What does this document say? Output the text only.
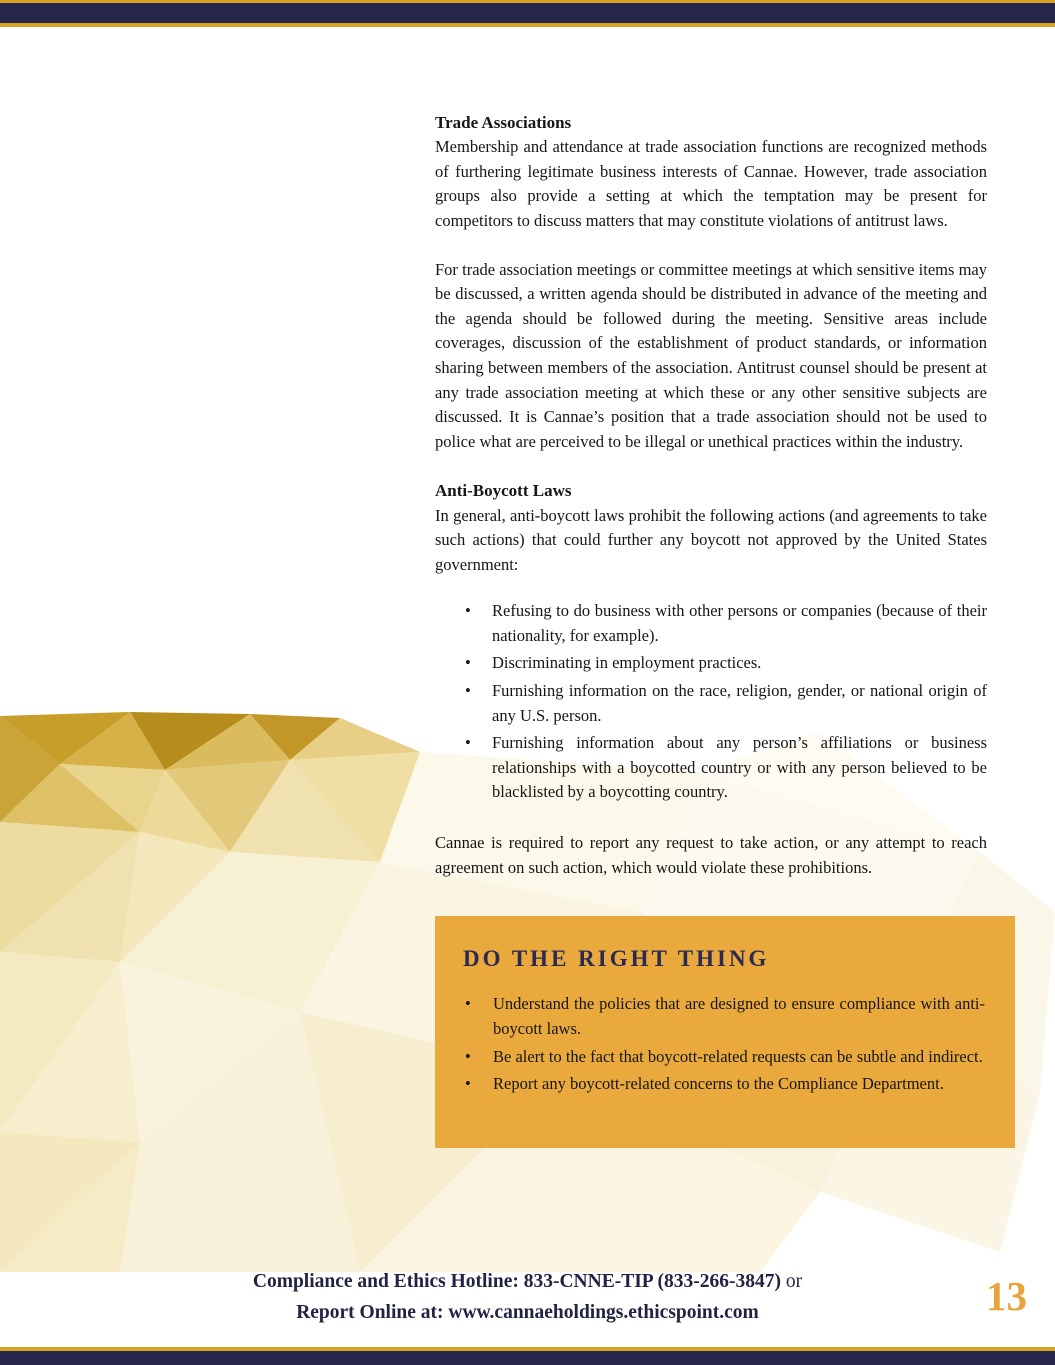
Trade Associations

Membership and attendance at trade association functions are recognized methods of furthering legitimate business interests of Cannae. However, trade association groups also provide a setting at which the temptation may be present for competitors to discuss matters that may constitute violations of antitrust laws.

For trade association meetings or committee meetings at which sensitive items may be discussed, a written agenda should be distributed in advance of the meeting and the agenda should be followed during the meeting. Sensitive areas include coverages, discussion of the establishment of product standards, or information sharing between members of the association. Antitrust counsel should be present at any trade association meeting at which these or any other sensitive subjects are discussed. It is Cannae’s position that a trade association should not be used to police what are perceived to be illegal or unethical practices within the industry.

Anti-Boycott Laws

In general, anti-boycott laws prohibit the following actions (and agreements to take such actions) that could further any boycott not approved by the United States government:

• Refusing to do business with other persons or companies (because of their nationality, for example).
• Discriminating in employment practices.
• Furnishing information on the race, religion, gender, or national origin of any U.S. person.
• Furnishing information about any person’s affiliations or business relationships with a boycotted country or with any person believed to be blacklisted by a boycotting country.

Cannae is required to report any request to take action, or any attempt to reach agreement on such action, which would violate these prohibitions.

DO THE RIGHT THING
• Understand the policies that are designed to ensure compliance with anti-boycott laws.
• Be alert to the fact that boycott-related requests can be subtle and indirect.
• Report any boycott-related concerns to the Compliance Department.
Compliance and Ethics Hotline: 833-CNNE-TIP (833-266-3847) or
Report Online at: www.cannaeholdings.ethicspoint.com	13
